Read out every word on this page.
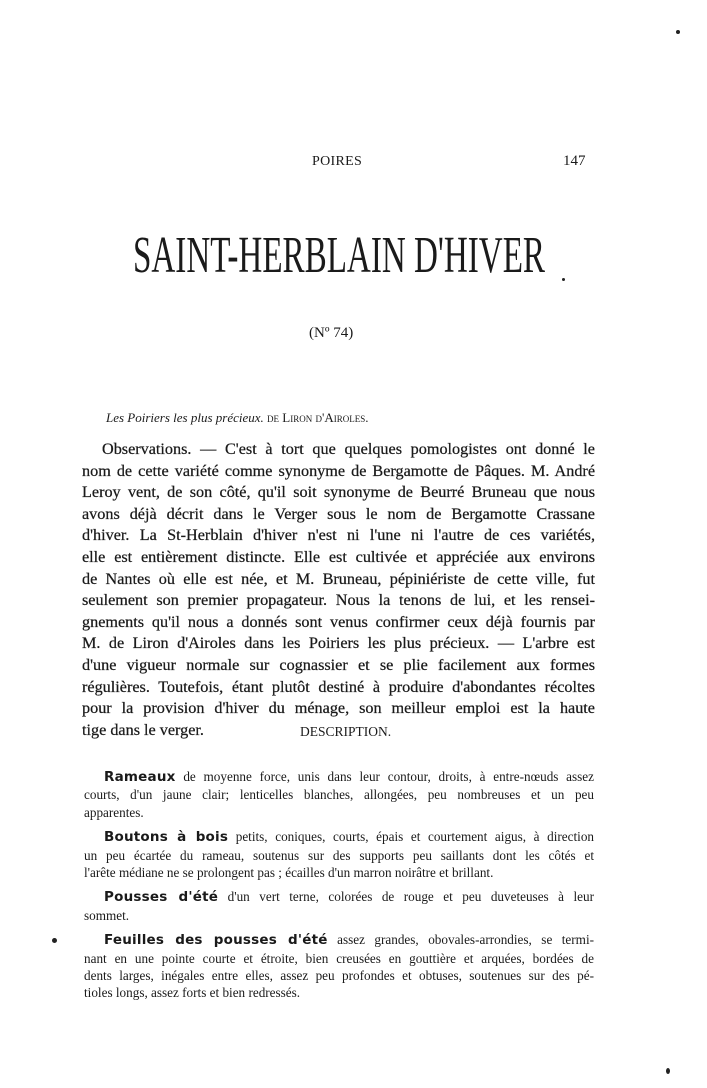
POIRES	147
SAINT-HERBLAIN D'HIVER
(Nº 74)
Les Poiriers les plus précieux. de Liron d'Airoles.
Observations. — C'est à tort que quelques pomologistes ont donné le
nom de cette variété comme synonyme de Bergamotte de Pâques. M. André
Leroy vent, de son côté, qu'il soit synonyme de Beurré Bruneau que nous
avons déjà décrit dans le Verger sous le nom de Bergamotte Crassane
d'hiver. La St-Herblain d'hiver n'est ni l'une ni l'autre de ces variétés,
elle est entièrement distincte. Elle est cultivée et appréciée aux environs
de Nantes où elle est née, et M. Bruneau, pépiniériste de cette ville, fut
seulement son premier propagateur. Nous la tenons de lui, et les rensei-
gnements qu'il nous a donnés sont venus confirmer ceux déjà fournis par
M. de Liron d'Airoles dans les Poiriers les plus précieux. — L'arbre est
d'une vigueur normale sur cognassier et se plie facilement aux formes
régulières. Toutefois, étant plutôt destiné à produire d'abondantes récoltes
pour la provision d'hiver du ménage, son meilleur emploi est la haute
tige dans le verger.	DESCRIPTION.
Rameaux de moyenne force, unis dans leur contour, droits, à entre-nœuds assez
courts, d'un jaune clair; lenticelles blanches, allongées, peu nombreuses et un peu
apparentes.
Boutons à bois petits, coniques, courts, épais et courtement aigus, à direction
un peu écartée du rameau, soutenus sur des supports peu saillants dont les côtés et
l'arête médiane ne se prolongent pas ; écailles d'un marron noirâtre et brillant.
Pousses d'été d'un vert terne, colorées de rouge et peu duveteuses à leur
sommet.
Feuilles des pousses d'été assez grandes, obovales-arrondies, se termi-
nant en une pointe courte et étroite, bien creusées en gouttière et arquées, bordées de
dents larges, inégales entre elles, assez peu profondes et obtuses, soutenues sur des pé-
tioles longs, assez forts et bien redressés.
